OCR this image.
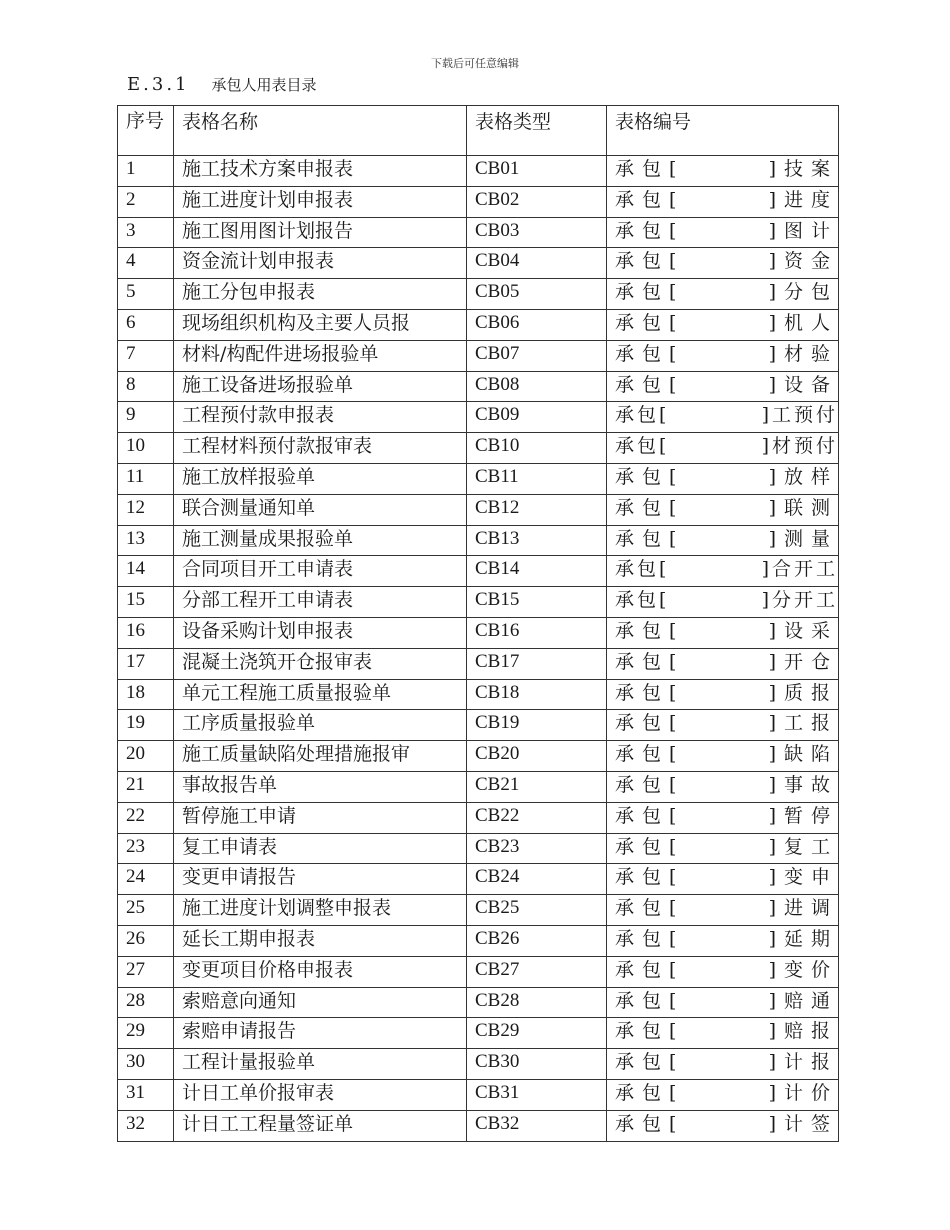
下载后可任意编辑
E.3.1 承包人用表目录
序号	表格名称	表格类型	表格编号
1	施工技术方案申报表	CB01	承包[ ]技案

2	施工进度计划申报表	CB02	承包[ ]进度

3	施工图用图计划报告	CB03	承包[ ]图计

4	资金流计划申报表	CB04	承包[ ]资金

5	施工分包申报表	CB05	承包[ ]分包

6	现场组织机构及主要人员报	CB06	承包[ ]机人

7	材料/构配件进场报验单	CB07	承包[ ]材验

8	施工设备进场报验单	CB08	承包[ ]设备

9	工程预付款申报表	CB09	承包[ ]工预付

10	工程材料预付款报审表	CB10	承包[ ]材预付

11	施工放样报验单	CB11	承包[ ]放样

12	联合测量通知单	CB12	承包[ ]联测

13	施工测量成果报验单	CB13	承包[ ]测量

14	合同项目开工申请表	CB14	承包[ ]合开工

15	分部工程开工申请表	CB15	承包[ ]分开工

16	设备采购计划申报表	CB16	承包[ ]设采

17	混凝土浇筑开仓报审表	CB17	承包[ ]开仓

18	单元工程施工质量报验单	CB18	承包[ ]质报

19	工序质量报验单	CB19	承包[ ]工报

20	施工质量缺陷处理措施报审	CB20	承包[ ]缺陷

21	事故报告单	CB21	承包[ ]事故

22	暂停施工申请	CB22	承包[ ]暂停

23	复工申请表	CB23	承包[ ]复工

24	变更申请报告	CB24	承包[ ]变申

25	施工进度计划调整申报表	CB25	承包[ ]进调

26	延长工期申报表	CB26	承包[ ]延期

27	变更项目价格申报表	CB27	承包[ ]变价

28	索赔意向通知	CB28	承包[ ]赔通

29	索赔申请报告	CB29	承包[ ]赔报

30	工程计量报验单	CB30	承包[ ]计报

31	计日工单价报审表	CB31	承包[ ]计价

32	计日工工程量签证单	CB32	承包[ ]计签
